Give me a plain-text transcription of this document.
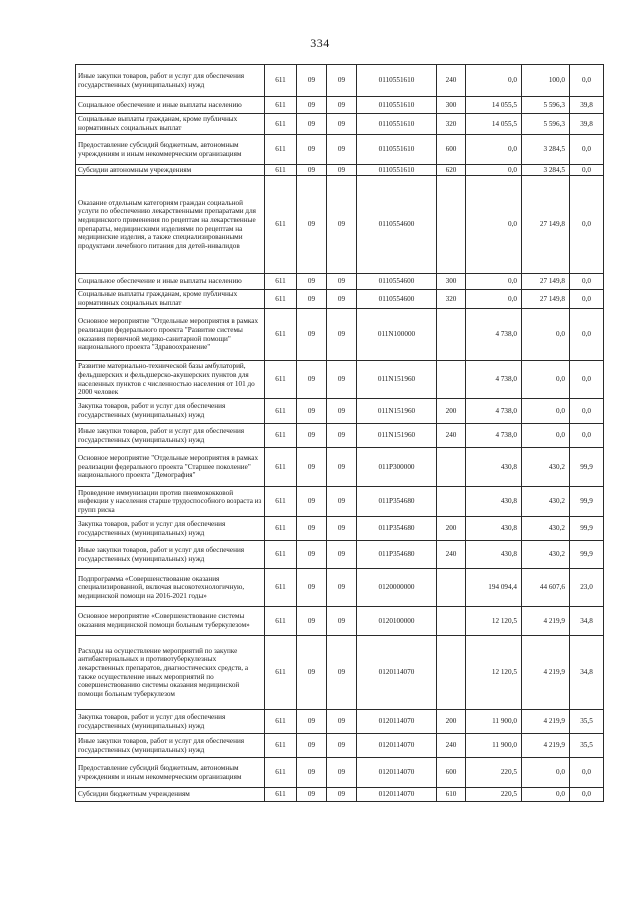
334
Иные закупки товаров, работ и услуг для обеспечения государственных (муниципальных) нужд	611	09	09	0110551610	240	0,0	100,0	0,0
Социальное обеспечение и иные выплаты населению	611	09	09	0110551610	300	14 055,5	5 596,3	39,8
Социальные выплаты гражданам, кроме публичных нормативных социальных выплат	611	09	09	0110551610	320	14 055,5	5 596,3	39,8
Предоставление субсидий бюджетным, автономным учреждениям и иным некоммерческим организациям	611	09	09	0110551610	600	0,0	3 284,5	0,0
Субсидии автономным учреждениям	611	09	09	0110551610	620	0,0	3 284,5	0,0
Оказание отдельным категориям граждан социальной услуги по обеспечению лекарственными препаратами для медицинского применения по рецептам на лекарственные препараты, медицинскими изделиями по рецептам на медицинские изделия, а также специализированными продуктами лечебного питания для детей-инвалидов	611	09	09	0110554600		0,0	27 149,8	0,0
Социальное обеспечение и иные выплаты населению	611	09	09	0110554600	300	0,0	27 149,8	0,0
Социальные выплаты гражданам, кроме публичных нормативных социальных выплат	611	09	09	0110554600	320	0,0	27 149,8	0,0
Основное мероприятие "Отдельные мероприятия в рамках реализации федерального проекта "Развитие системы оказания первичной медико-санитарной помощи" национального проекта "Здравоохранение"	611	09	09	011N100000		4 738,0	0,0	0,0
Развитие материально-технической базы амбулаторий, фельдшерских и фельдшерско-акушерских пунктов для населенных пунктов с численностью населения от 101 до 2000 человек	611	09	09	011N151960		4 738,0	0,0	0,0
Закупка товаров, работ и услуг для обеспечения государственных (муниципальных) нужд	611	09	09	011N151960	200	4 738,0	0,0	0,0
Иные закупки товаров, работ и услуг для обеспечения государственных (муниципальных) нужд	611	09	09	011N151960	240	4 738,0	0,0	0,0
Основное мероприятие "Отдельные мероприятия в рамках реализации федерального проекта "Старшее поколение" национального проекта "Демография"	611	09	09	011P300000		430,8	430,2	99,9
Проведение иммунизации против пневмококковой инфекции у населения старше трудоспособного возраста из групп риска	611	09	09	011P354680		430,8	430,2	99,9
Закупка товаров, работ и услуг для обеспечения государственных (муниципальных) нужд	611	09	09	011P354680	200	430,8	430,2	99,9
Иные закупки товаров, работ и услуг для обеспечения государственных (муниципальных) нужд	611	09	09	011P354680	240	430,8	430,2	99,9
Подпрограмма «Совершенствование оказания специализированной, включая высокотехнологичную, медицинской помощи на 2016-2021 годы»	611	09	09	0120000000		194 094,4	44 607,6	23,0
Основное мероприятие «Совершенствование системы оказания медицинской помощи больным туберкулезом»	611	09	09	0120100000		12 120,5	4 219,9	34,8
Расходы на осуществление мероприятий по закупке антибактериальных и противотуберкулезных лекарственных препаратов, диагностических средств, а также осуществление иных мероприятий по совершенствованию системы оказания медицинской помощи больным туберкулезом	611	09	09	0120114070		12 120,5	4 219,9	34,8
Закупка товаров, работ и услуг для обеспечения государственных (муниципальных) нужд	611	09	09	0120114070	200	11 900,0	4 219,9	35,5
Иные закупки товаров, работ и услуг для обеспечения государственных (муниципальных) нужд	611	09	09	0120114070	240	11 900,0	4 219,9	35,5
Предоставление субсидий бюджетным, автономным учреждениям и иным некоммерческим организациям	611	09	09	0120114070	600	220,5	0,0	0,0
Субсидии бюджетным учреждениям	611	09	09	0120114070	610	220,5	0,0	0,0
